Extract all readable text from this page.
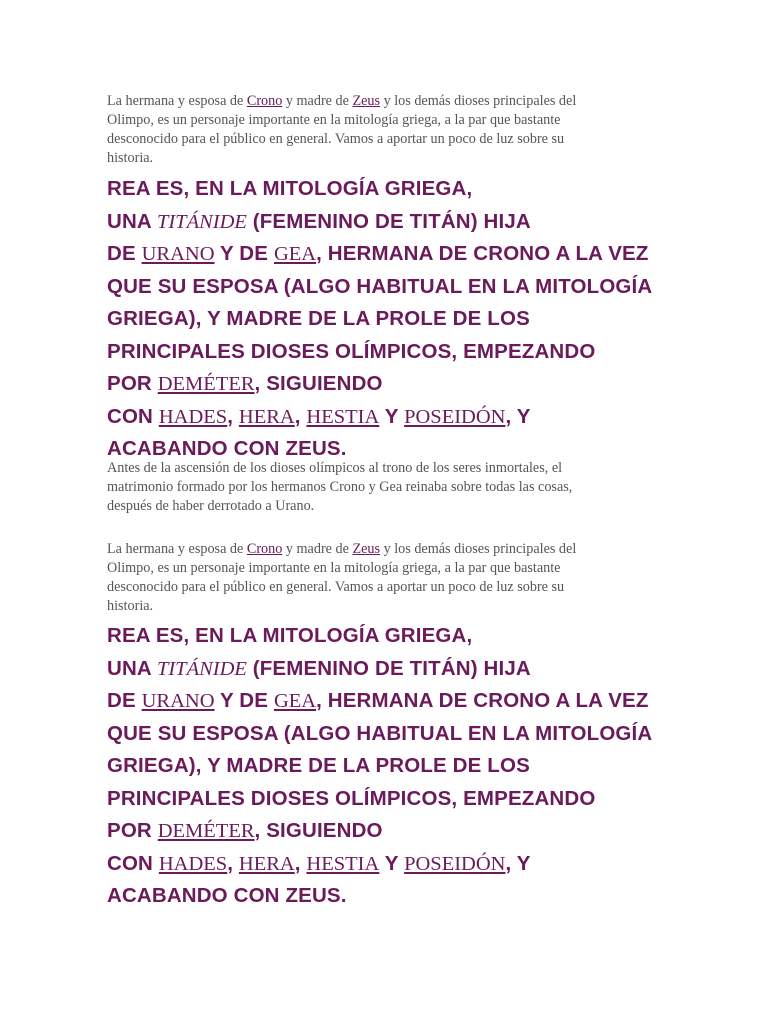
La hermana y esposa de Crono y madre de Zeus y los demás dioses principales del
Olimpo, es un personaje importante en la mitología griega, a la par que bastante
desconocido para el público en general. Vamos a aportar un poco de luz sobre su
historia.
REA ES, EN LA MITOLOGÍA GRIEGA,
UNA TITÁNIDE (FEMENINO DE TITÁN) HIJA
DE URANO Y DE GEA, HERMANA DE CRONO A LA VEZ
QUE SU ESPOSA (ALGO HABITUAL EN LA MITOLOGÍA
GRIEGA), Y MADRE DE LA PROLE DE LOS
PRINCIPALES DIOSES OLÍMPICOS, EMPEZANDO
POR DEMÉTER, SIGUIENDO
CON HADES, HERA, HESTIA Y POSEIDÓN, Y
ACABANDO CON ZEUS.
Antes de la ascensión de los dioses olímpicos al trono de los seres inmortales, el
matrimonio formado por los hermanos Crono y Gea reinaba sobre todas las cosas,
después de haber derrotado a Urano.
La hermana y esposa de Crono y madre de Zeus y los demás dioses principales del
Olimpo, es un personaje importante en la mitología griega, a la par que bastante
desconocido para el público en general. Vamos a aportar un poco de luz sobre su
historia.
REA ES, EN LA MITOLOGÍA GRIEGA,
UNA TITÁNIDE (FEMENINO DE TITÁN) HIJA
DE URANO Y DE GEA, HERMANA DE CRONO A LA VEZ
QUE SU ESPOSA (ALGO HABITUAL EN LA MITOLOGÍA
GRIEGA), Y MADRE DE LA PROLE DE LOS
PRINCIPALES DIOSES OLÍMPICOS, EMPEZANDO
POR DEMÉTER, SIGUIENDO
CON HADES, HERA, HESTIA Y POSEIDÓN, Y
ACABANDO CON ZEUS.
